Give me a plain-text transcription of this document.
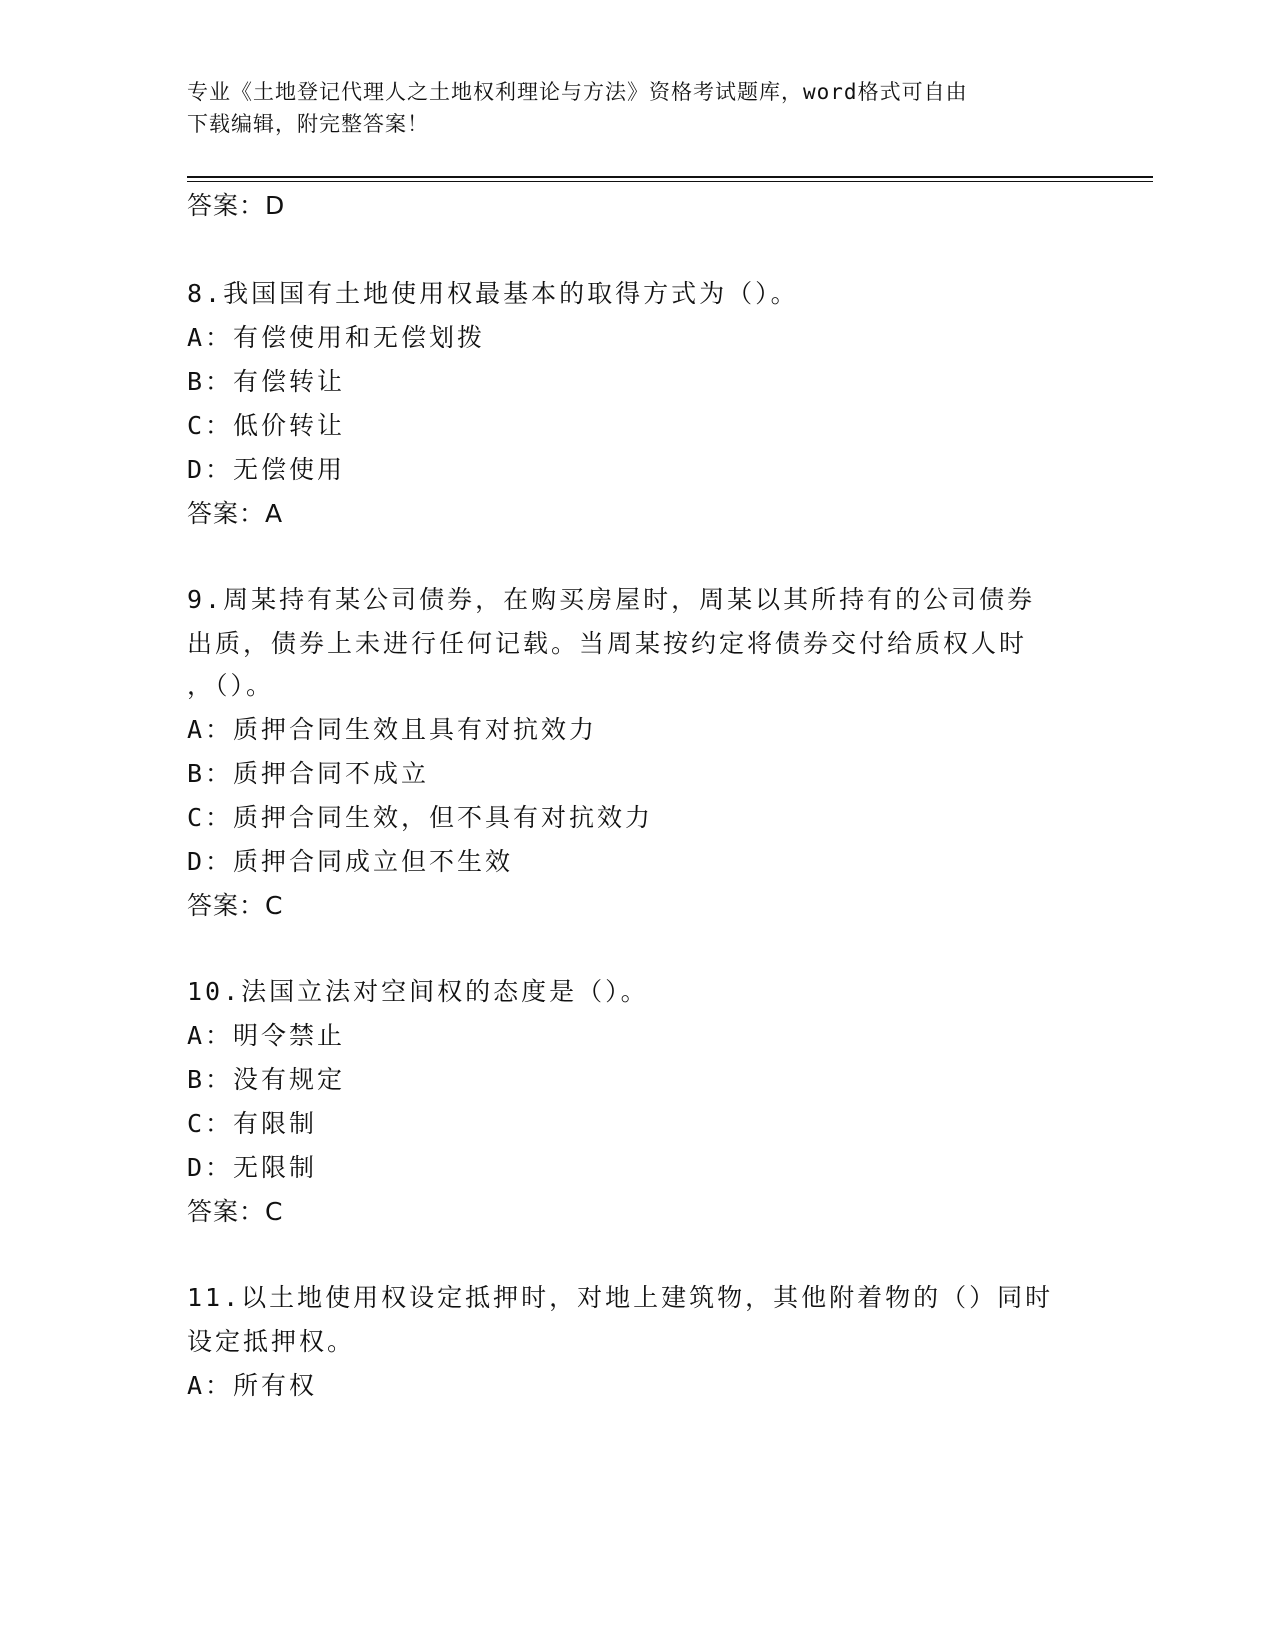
专业《土地登记代理人之土地权利理论与方法》资格考试题库，word格式可自由
下载编辑，附完整答案！
答案：D
8.我国国有土地使用权最基本的取得方式为（）。
A：有偿使用和无偿划拨
B：有偿转让
C：低价转让
D：无偿使用
答案：A
9.周某持有某公司债券，在购买房屋时，周某以其所持有的公司债券
出质，债券上未进行任何记载。当周某按约定将债券交付给质权人时
，（）。
A：质押合同生效且具有对抗效力
B：质押合同不成立
C：质押合同生效，但不具有对抗效力
D：质押合同成立但不生效
答案：C
10.法国立法对空间权的态度是（）。
A：明令禁止
B：没有规定
C：有限制
D：无限制
答案：C
11.以土地使用权设定抵押时，对地上建筑物，其他附着物的（）同时
设定抵押权。
A：所有权
